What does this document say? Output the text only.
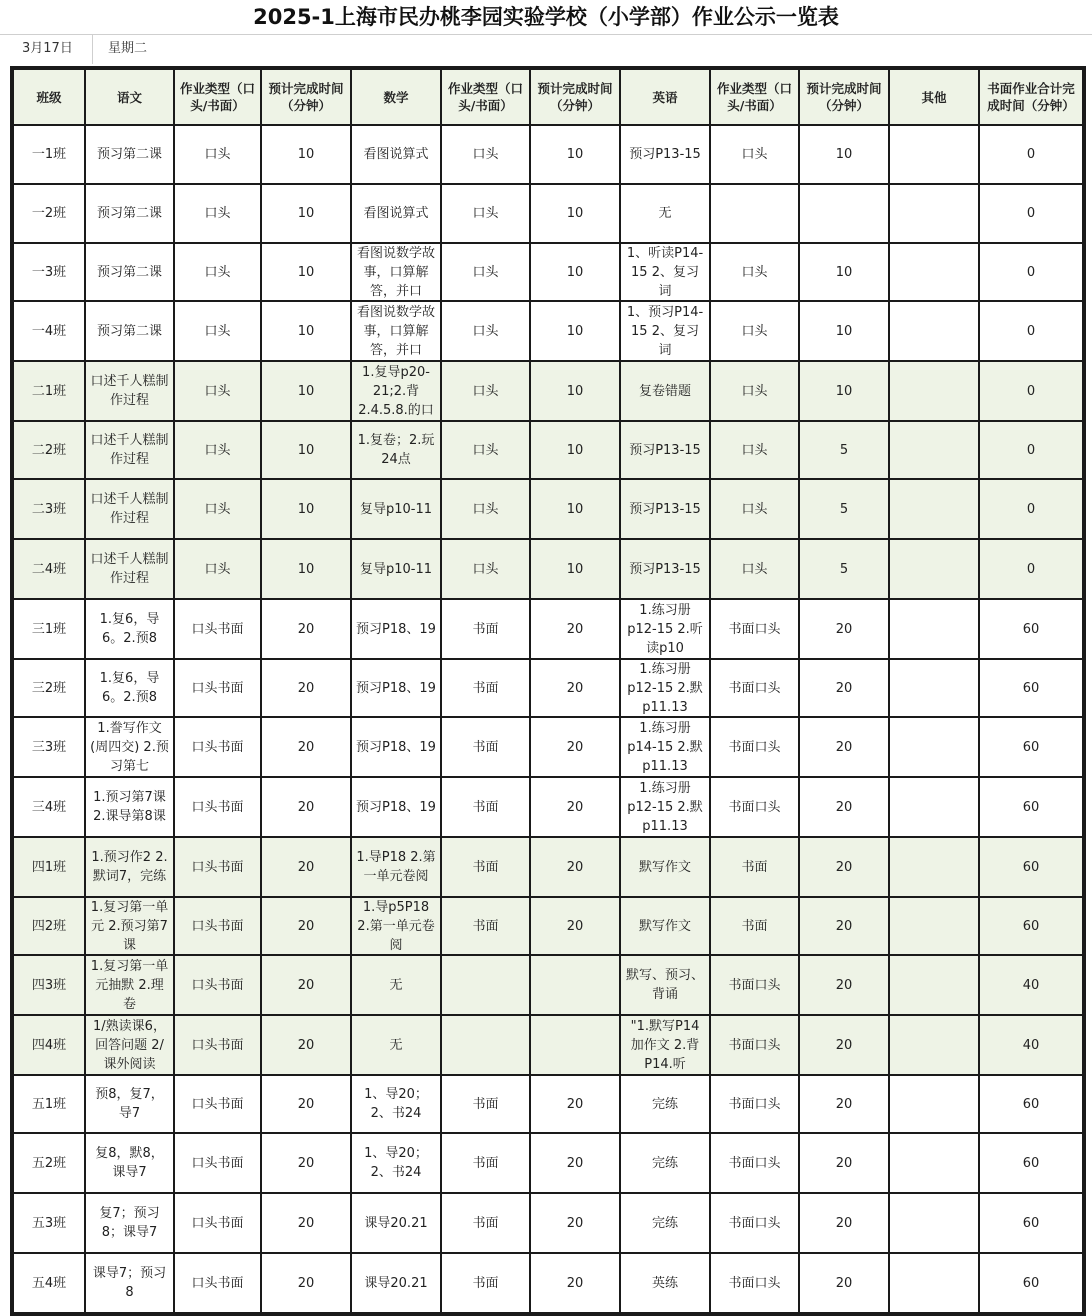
2025-1上海市民办桃李园实验学校（小学部）作业公示一览表
3月17日	星期二
班级	语文	作业类型（口头/书面）	预计完成时间（分钟）	数学	作业类型（口头/书面）	预计完成时间（分钟）	英语	作业类型（口头/书面）	预计完成时间（分钟）	其他	书面作业合计完成时间（分钟）

一1班	预习第二课	口头	10	看图说算式	口头	10	预习P13-15	口头	10		0

一2班	预习第二课	口头	10	看图说算式	口头	10	无				0

一3班	预习第二课	口头	10	看图说数学故事，口算解答，并口	口头	10	1、听读P14-15 2、复习词	口头	10		0

一4班	预习第二课	口头	10	看图说数学故事，口算解答，并口	口头	10	1、预习P14-15 2、复习词	口头	10		0

二1班	口述千人糕制作过程	口头	10	1.复导p20-21;2.背2.4.5.8.的口	口头	10	复卷错题	口头	10		0

二2班	口述千人糕制作过程	口头	10	1.复卷；2.玩24点	口头	10	预习P13-15	口头	5		0

二3班	口述千人糕制作过程	口头	10	复导p10-11	口头	10	预习P13-15	口头	5		0

二4班	口述千人糕制作过程	口头	10	复导p10-11	口头	10	预习P13-15	口头	5		0

三1班	1.复6，导6。2.预8	口头书面	20	预习P18、19	书面	20	1.练习册p12-15 2.听读p10	书面口头	20		60

三2班	1.复6，导6。2.预8	口头书面	20	预习P18、19	书面	20	1.练习册p12-15 2.默p11.13	书面口头	20		60

三3班	1.誊写作文(周四交) 2.预习第七	口头书面	20	预习P18、19	书面	20	1.练习册p14-15 2.默p11.13	书面口头	20		60

三4班	1.预习第7课 2.课导第8课	口头书面	20	预习P18、19	书面	20	1.练习册p12-15 2.默p11.13	书面口头	20		60

四1班	1.预习作2 2.默词7，完练	口头书面	20	1.导P18 2.第一单元卷阅	书面	20	默写作文	书面	20		60

四2班	1.复习第一单元 2.预习第7课	口头书面	20	1.导p5P18 2.第一单元卷阅	书面	20	默写作文	书面	20		60

四3班	1.复习第一单元抽默 2.理卷	口头书面	20	无			默写、预习、背诵	书面口头	20		40

四4班	1/熟读课6，回答问题 2/课外阅读	口头书面	20	无			"1.默写P14加作文 2.背P14.听	书面口头	20		40

五1班	预8，复7，导7	口头书面	20	1、导20；2、书24	书面	20	完练	书面口头	20		60

五2班	复8，默8，课导7	口头书面	20	1、导20；2、书24	书面	20	完练	书面口头	20		60

五3班	复7；预习8；课导7	口头书面	20	课导20.21	书面	20	完练	书面口头	20		60

五4班	课导7；预习8	口头书面	20	课导20.21	书面	20	英练	书面口头	20		60
